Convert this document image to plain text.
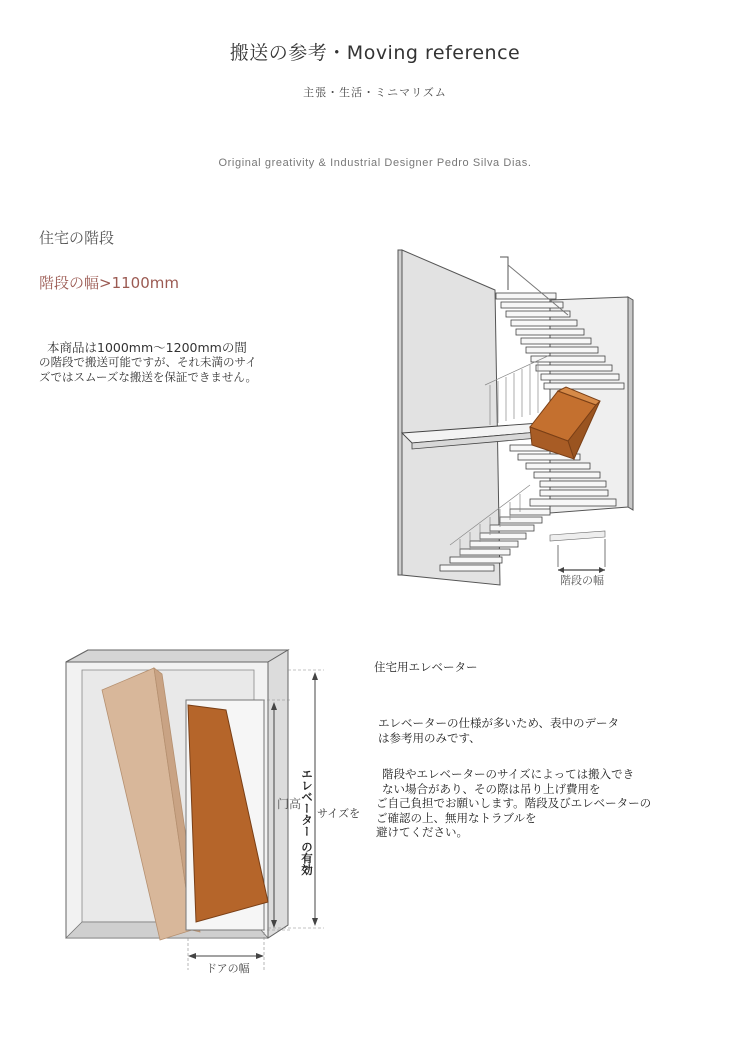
搬送の参考・Moving reference
主張・生活・ミニマリズム
Original greativity & Industrial Designer Pedro Silva Dias.
住宅の階段
階段の幅>1100mm
本商品は1000mm〜1200mmの間
の階段で搬送可能ですが、それ未満のサイ
ズではスムーズな搬送を保証できません。
階段の幅
门高
エレベーター の有効 サイズを
ドアの幅
住宅用エレベーター
エレベーターの仕様が多いため、表中のデータ
は参考用のみです、
階段やエレベーターのサイズによっては搬入でき
ない場合があり、その際は吊り上げ費用を
ご自己負担でお願いします。階段及びエレベーターの
ご確認の上、無用なトラブルを
避けてください。
